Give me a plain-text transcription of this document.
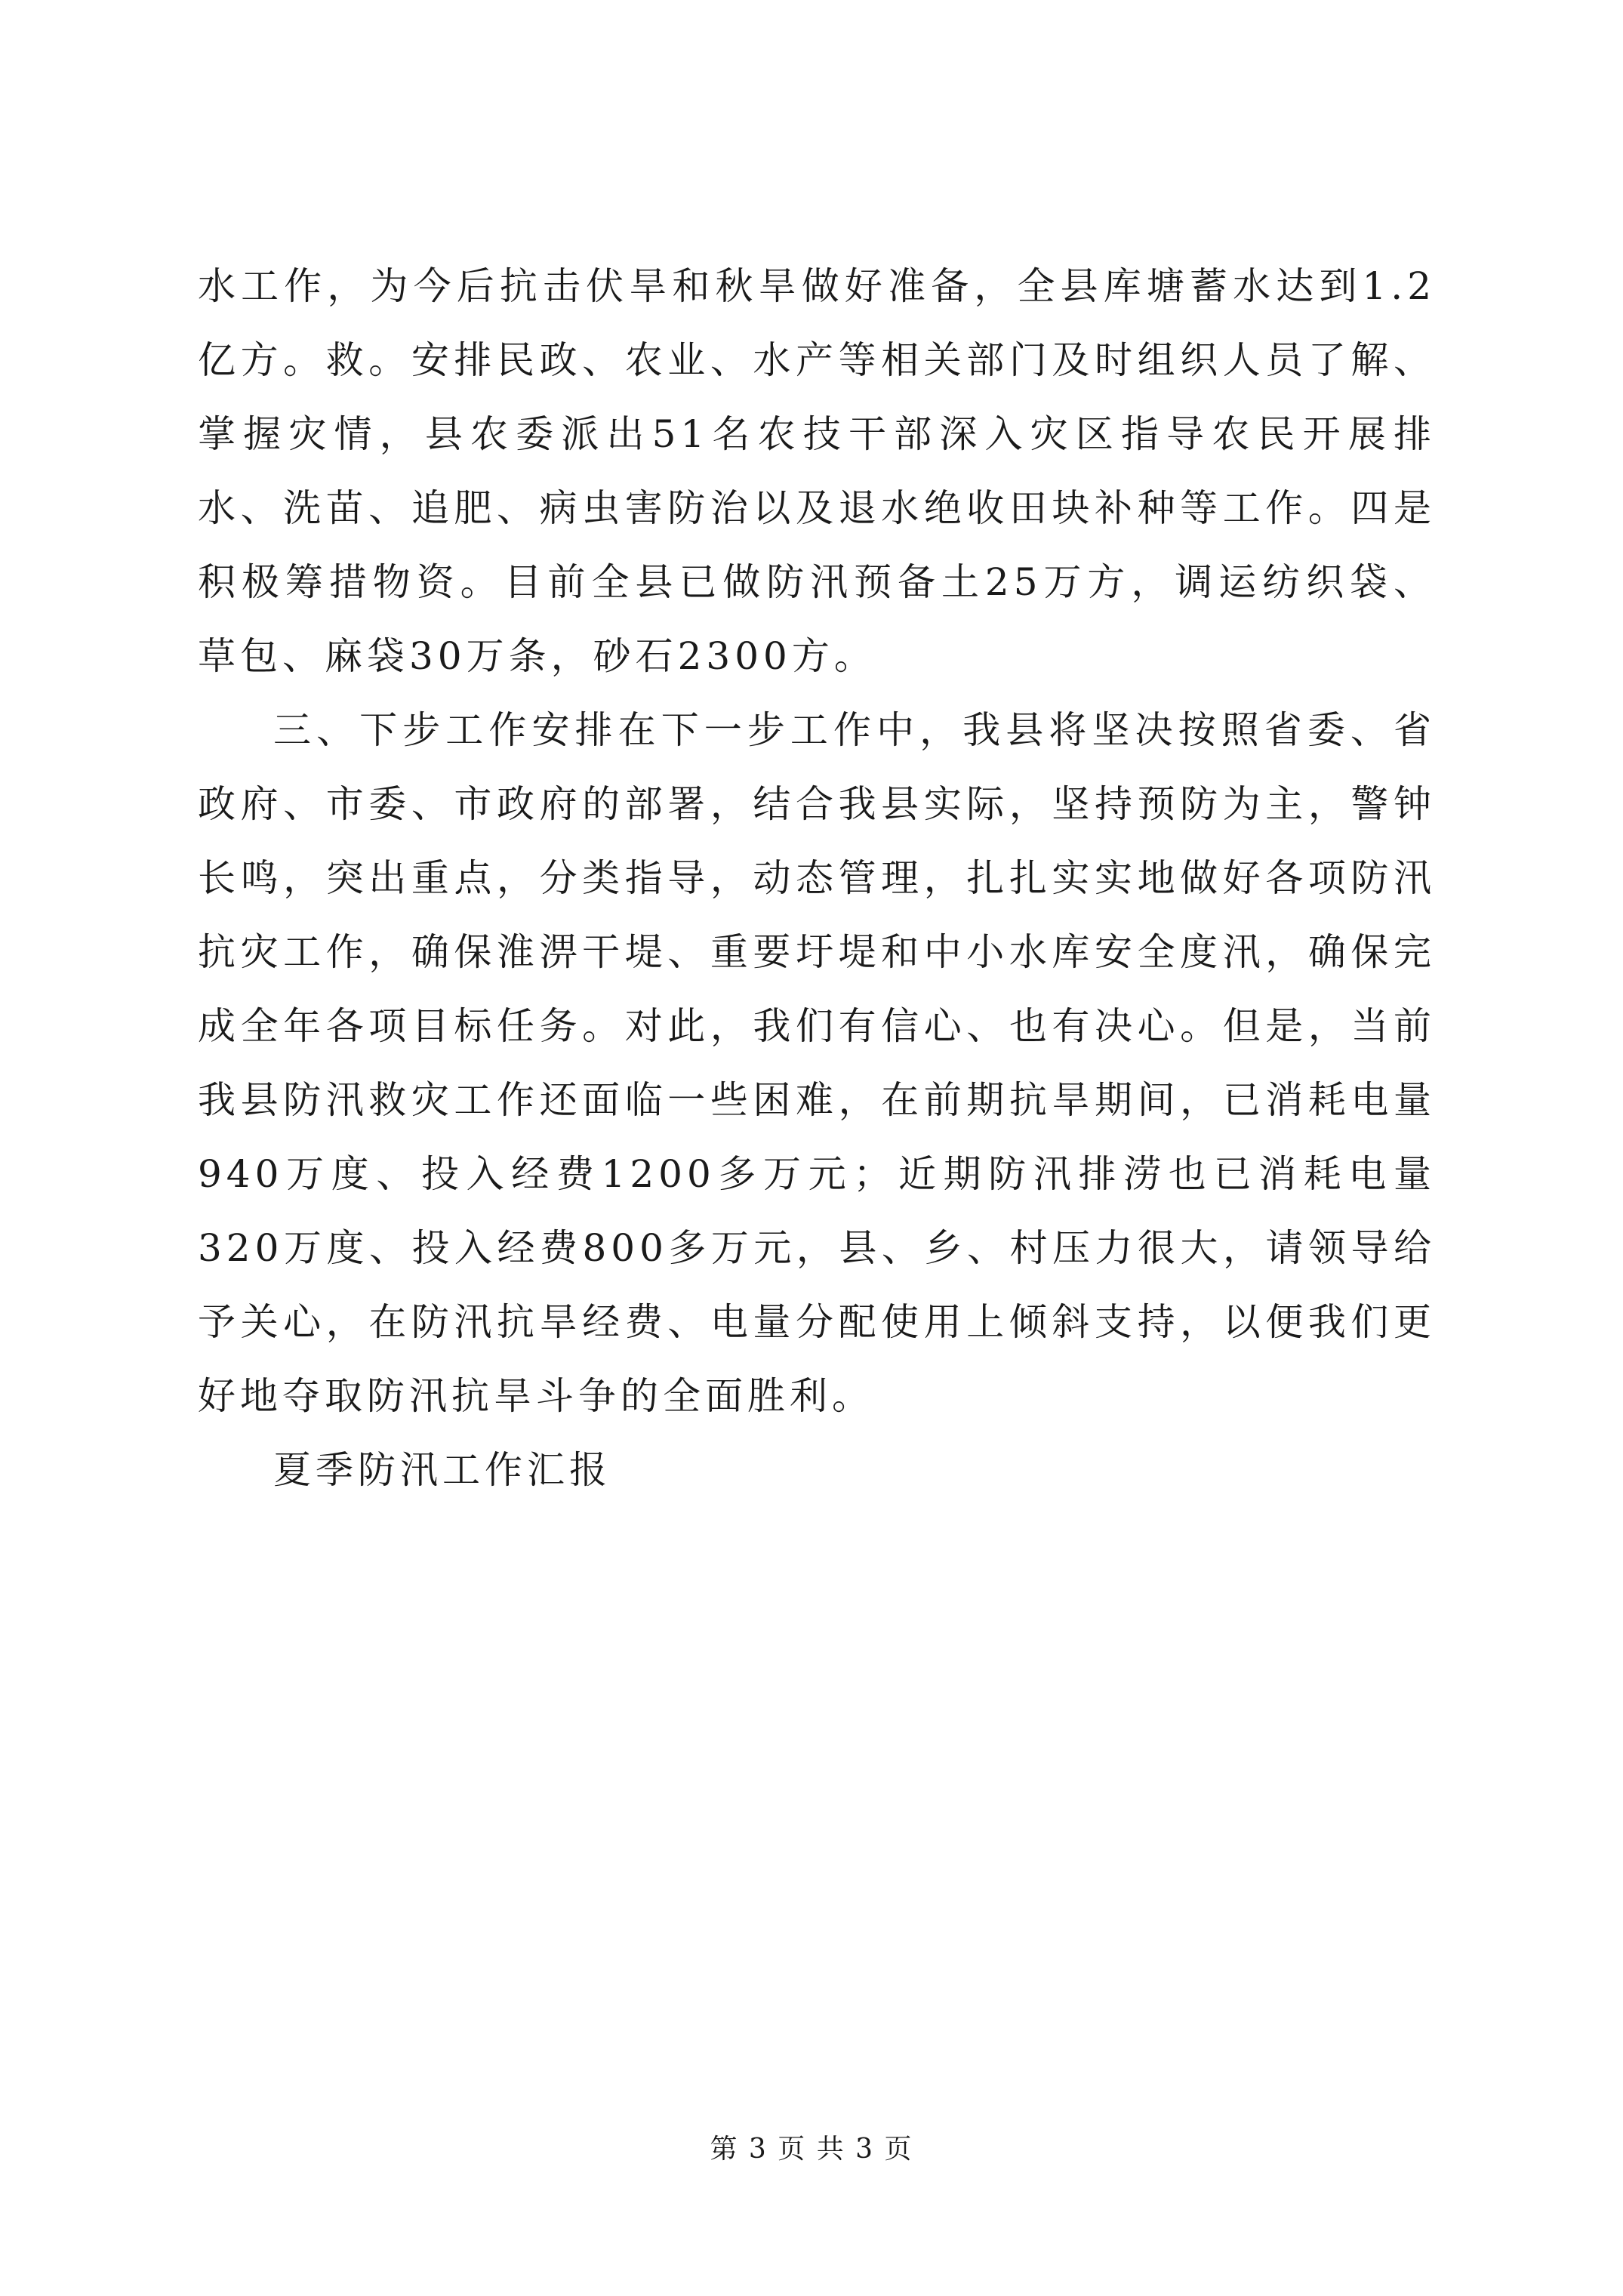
水工作，为今后抗击伏旱和秋旱做好准备，全县库塘蓄水达到1.2亿方。救。安排民政、农业、水产等相关部门及时组织人员了解、掌握灾情，县农委派出51名农技干部深入灾区指导农民开展排水、洗苗、追肥、病虫害防治以及退水绝收田块补种等工作。四是积极筹措物资。目前全县已做防汛预备土25万方，调运纺织袋、草包、麻袋30万条，砂石2300方。

三、下步工作安排在下一步工作中，我县将坚决按照省委、省政府、市委、市政府的部署，结合我县实际，坚持预防为主，警钟长鸣，突出重点，分类指导，动态管理，扎扎实实地做好各项防汛抗灾工作，确保淮淠干堤、重要圩堤和中小水库安全度汛，确保完成全年各项目标任务。对此，我们有信心、也有决心。但是，当前我县防汛救灾工作还面临一些困难，在前期抗旱期间，已消耗电量940万度、投入经费1200多万元；近期防汛排涝也已消耗电量320万度、投入经费800多万元，县、乡、村压力很大，请领导给予关心，在防汛抗旱经费、电量分配使用上倾斜支持，以便我们更好地夺取防汛抗旱斗争的全面胜利。

夏季防汛工作汇报

第 3 页 共 3 页
